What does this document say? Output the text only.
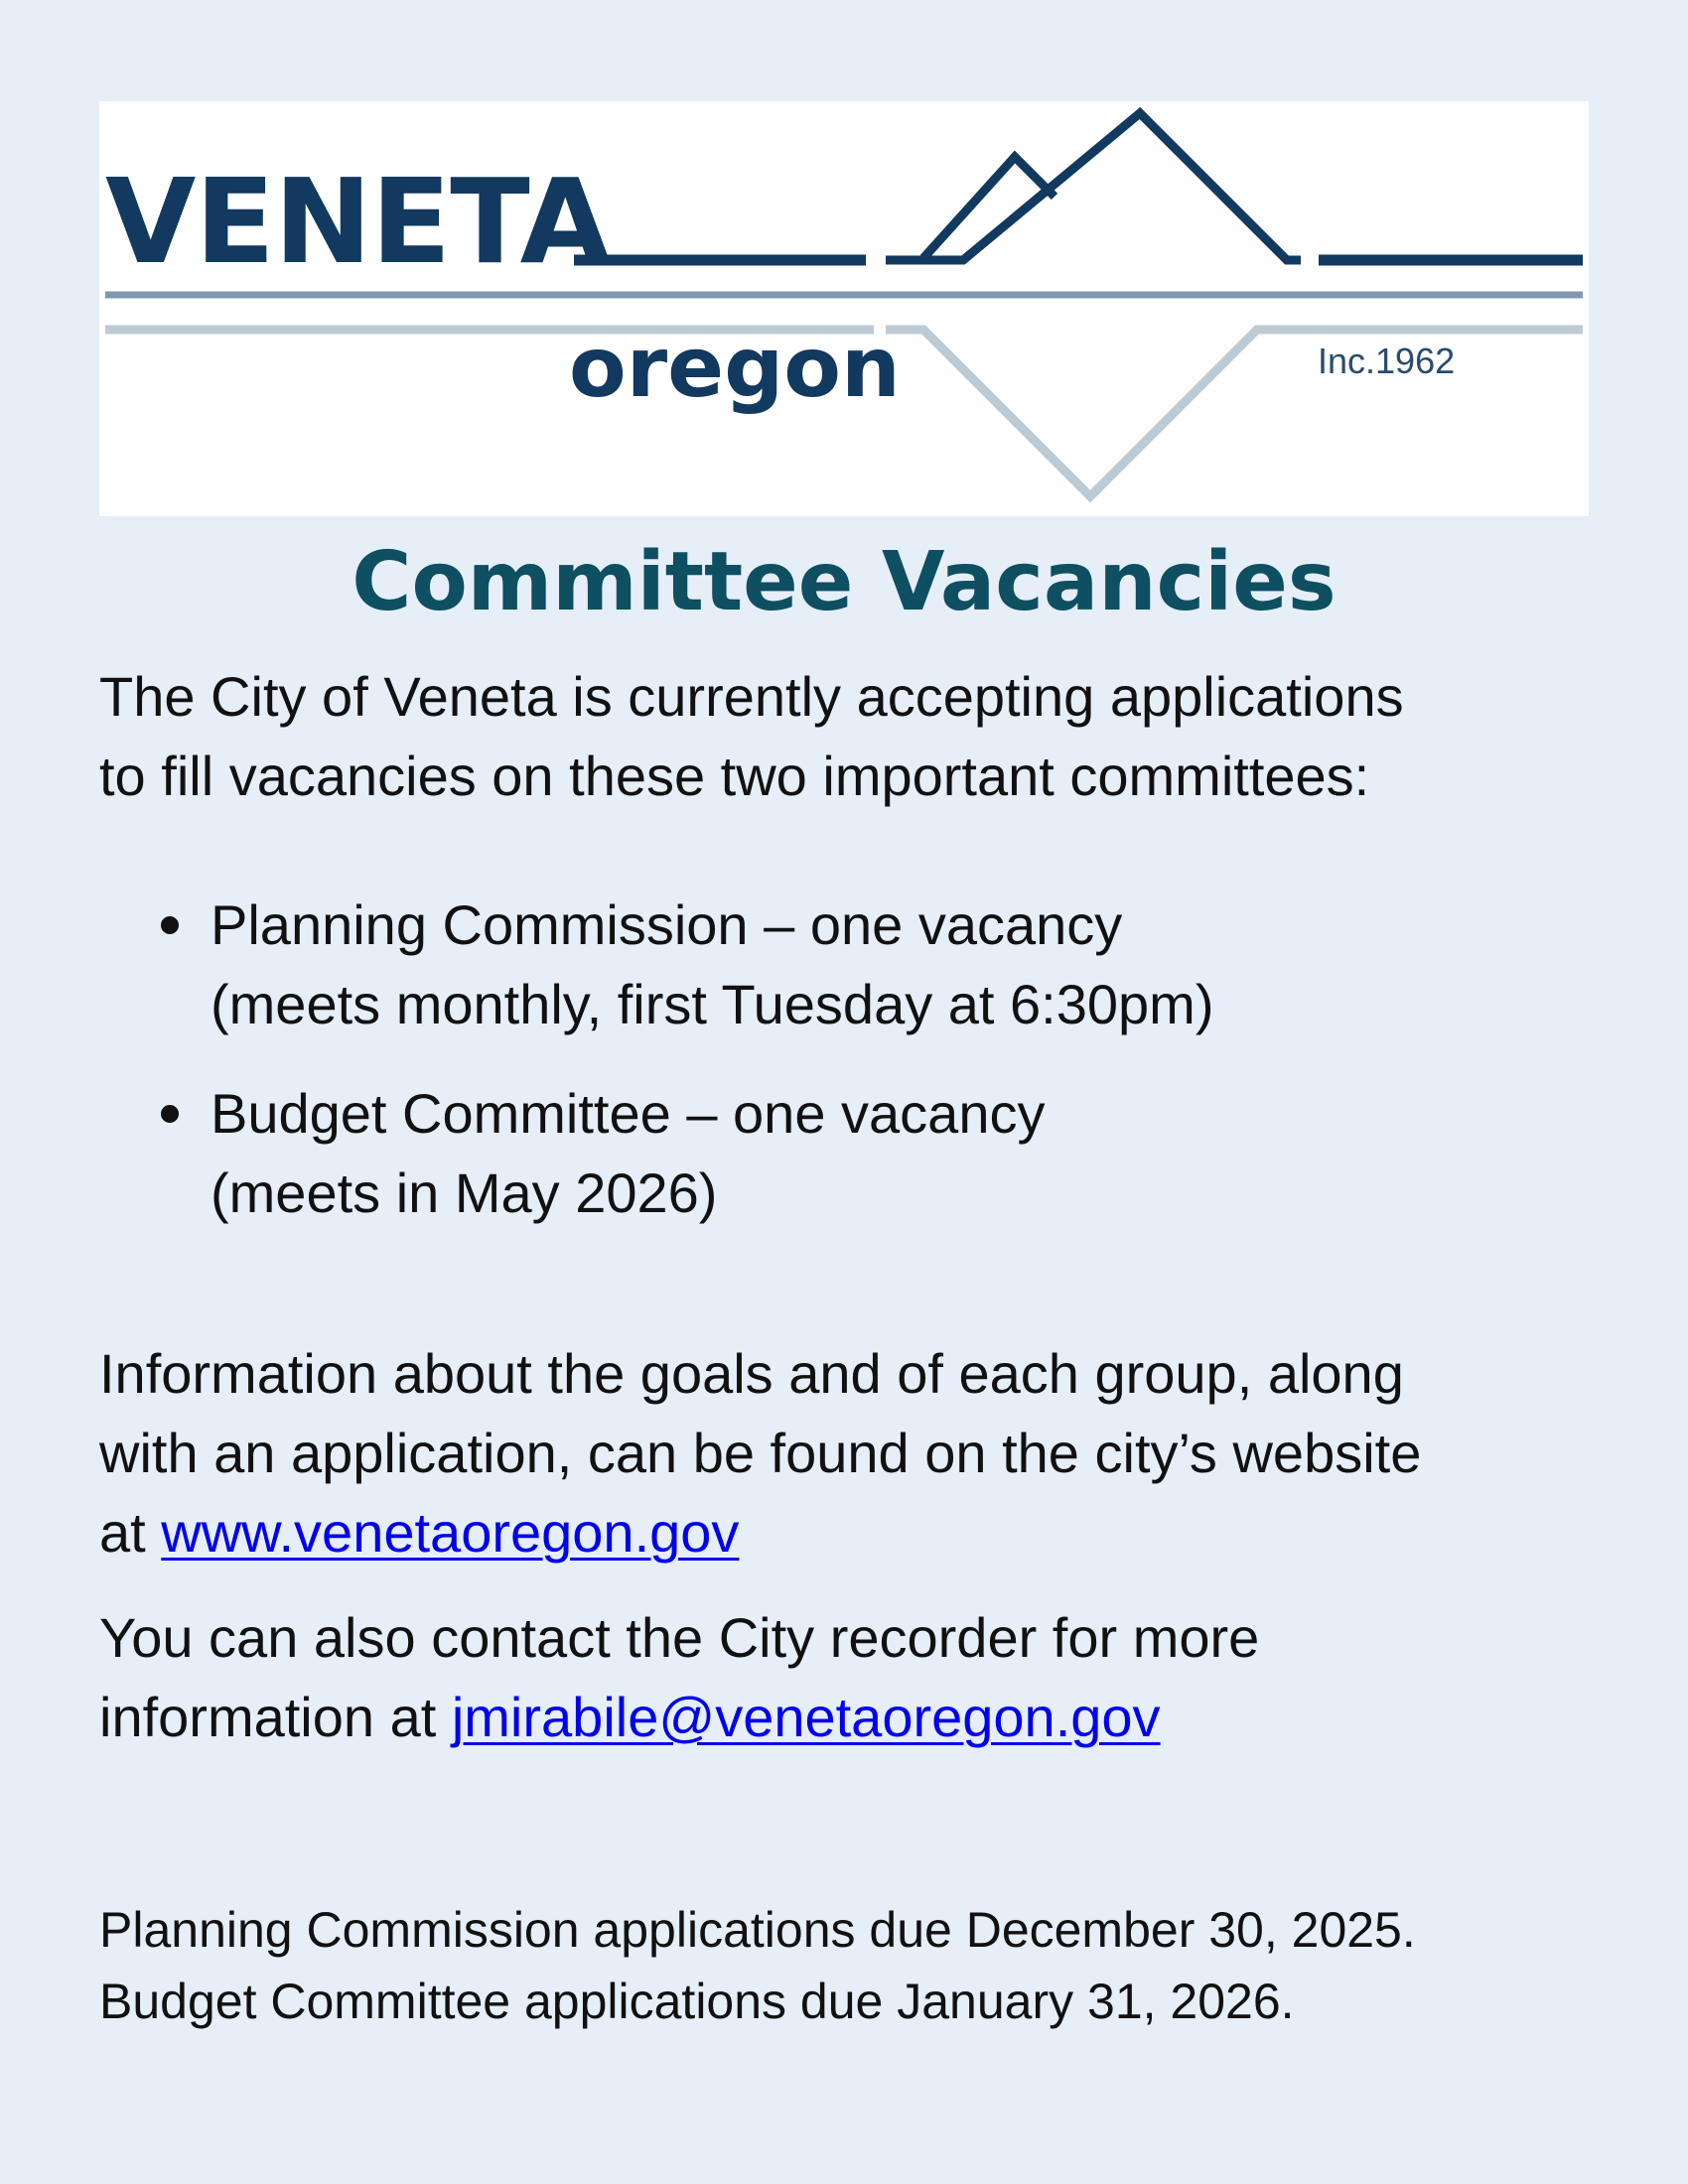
VENETA
oregon	Inc.1962
Committee Vacancies

The City of Veneta is currently accepting applications
to fill vacancies on these two important committees:

Planning Commission – one vacancy
(meets monthly, first Tuesday at 6:30pm)
Budget Committee – one vacancy
(meets in May 2026)

Information about the goals and of each group, along
with an application, can be found on the city’s website
at www.venetaoregon.gov

You can also contact the City recorder for more
information at jmirabile@venetaoregon.gov

Planning Commission applications due December 30, 2025.

Budget Committee applications due January 31, 2026.
